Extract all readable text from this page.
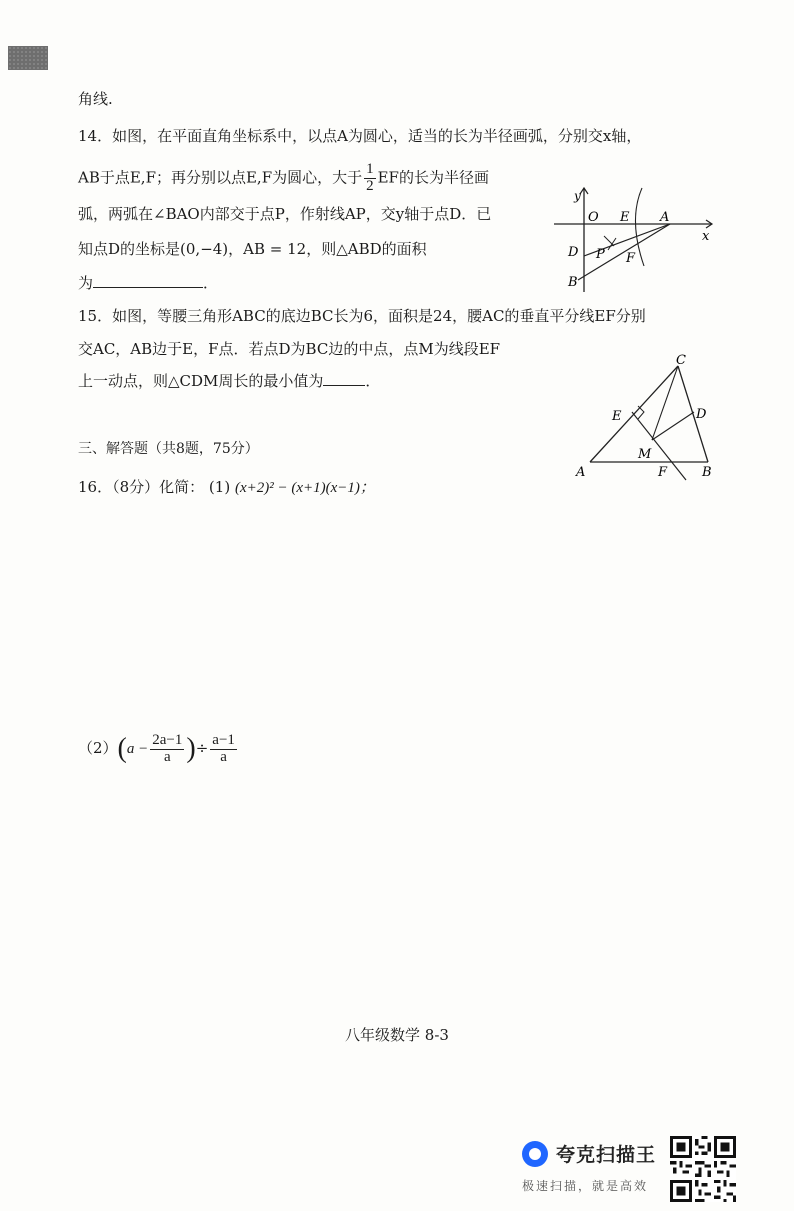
角线.
14．如图，在平面直角坐标系中，以点A为圆心，适当的长为半径画弧，分别交x轴，
AB于点E,F；再分别以点E,F为圆心，大于 $\frac{1}{2}$ EF的长为半径画
弧，两弧在∠BAO内部交于点P，作射线AP，交y轴于点D．已
知点D的坐标是(0,−4)，AB = 12，则△ABD的面积
为	．
y
x
O E A
D P F
B
15．如图，等腰三角形ABC的底边BC长为6，面积是24，腰AC的垂直平分线EF分别
交AC，AB边于E，F点．若点D为BC边的中点，点M为线段EF
上一动点，则△CDM周长的最小值为	．
C
E	D
M
A	F	B
三、解答题（共8题，75分）
16．（8分）化简： (1) (x+2)² − (x+1)(x−1)；
$(2)(a - \frac{2a-1}{a}$ )÷ $\frac{a-1}{a}$
八年级数学 8-3
夸克扫描王
极速扫描，就是高效
